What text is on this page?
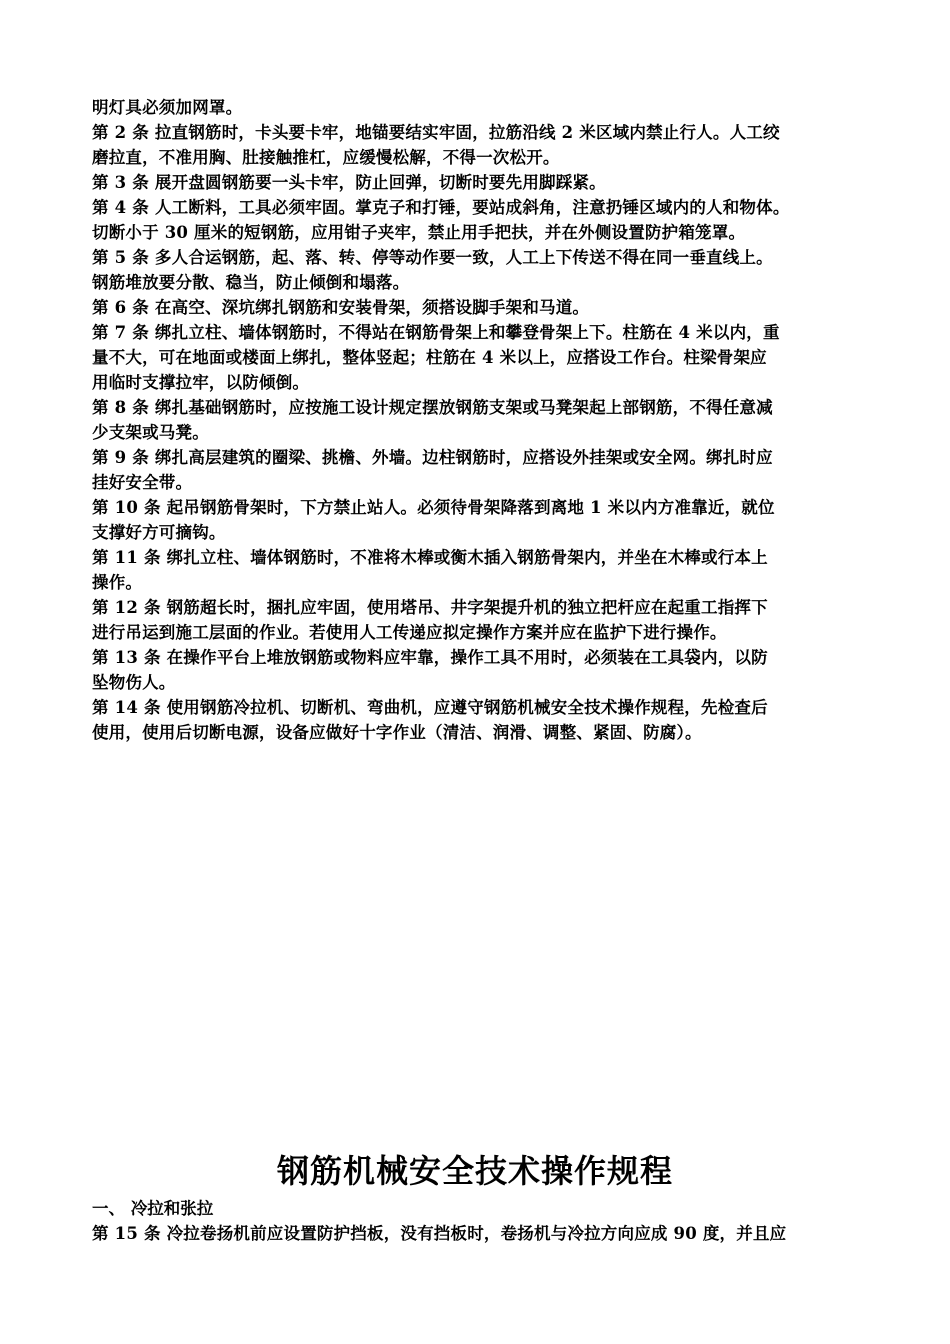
明灯具必须加网罩。
第 2 条 拉直钢筋时，卡头要卡牢，地锚要结实牢固，拉筋沿线 2 米区域内禁止行人。人工绞
磨拉直，不准用胸、肚接触推杠，应缓慢松解，不得一次松开。
第 3 条 展开盘圆钢筋要一头卡牢，防止回弹，切断时要先用脚踩紧。
第 4 条 人工断料，工具必须牢固。掌克子和打锤，要站成斜角，注意扔锤区域内的人和物体。
切断小于 30 厘米的短钢筋，应用钳子夹牢，禁止用手把扶，并在外侧设置防护箱笼罩。
第 5 条 多人合运钢筋，起、落、转、停等动作要一致，人工上下传送不得在同一垂直线上。
钢筋堆放要分散、稳当，防止倾倒和塌落。
第 6 条 在高空、深坑绑扎钢筋和安装骨架，须搭设脚手架和马道。
第 7 条 绑扎立柱、墙体钢筋时，不得站在钢筋骨架上和攀登骨架上下。柱筋在 4 米以内，重
量不大，可在地面或楼面上绑扎，整体竖起；柱筋在 4 米以上，应搭设工作台。柱梁骨架应
用临时支撑拉牢，以防倾倒。
第 8 条 绑扎基础钢筋时，应按施工设计规定摆放钢筋支架或马凳架起上部钢筋，不得任意减
少支架或马凳。
第 9 条 绑扎高层建筑的圈梁、挑檐、外墙。边柱钢筋时，应搭设外挂架或安全网。绑扎时应
挂好安全带。
第 10 条 起吊钢筋骨架时，下方禁止站人。必须待骨架降落到离地 1 米以内方准靠近，就位
支撑好方可摘钩。
第 11 条 绑扎立柱、墙体钢筋时，不准将木棒或衡木插入钢筋骨架内，并坐在木棒或行本上
操作。
第 12 条 钢筋超长时，捆扎应牢固，使用塔吊、井字架提升机的独立把杆应在起重工指挥下
进行吊运到施工层面的作业。若使用人工传递应拟定操作方案并应在监护下进行操作。
第 13 条 在操作平台上堆放钢筋或物料应牢靠，操作工具不用时，必须装在工具袋内，以防
坠物伤人。
第 14 条 使用钢筋冷拉机、切断机、弯曲机，应遵守钢筋机械安全技术操作规程，先检查后
使用，使用后切断电源，设备应做好十字作业（清洁、润滑、调整、紧固、防腐）。
钢筋机械安全技术操作规程
一、 冷拉和张拉
第 15 条 冷拉卷扬机前应设置防护挡板，没有挡板时，卷扬机与冷拉方向应成 90 度，并且应
